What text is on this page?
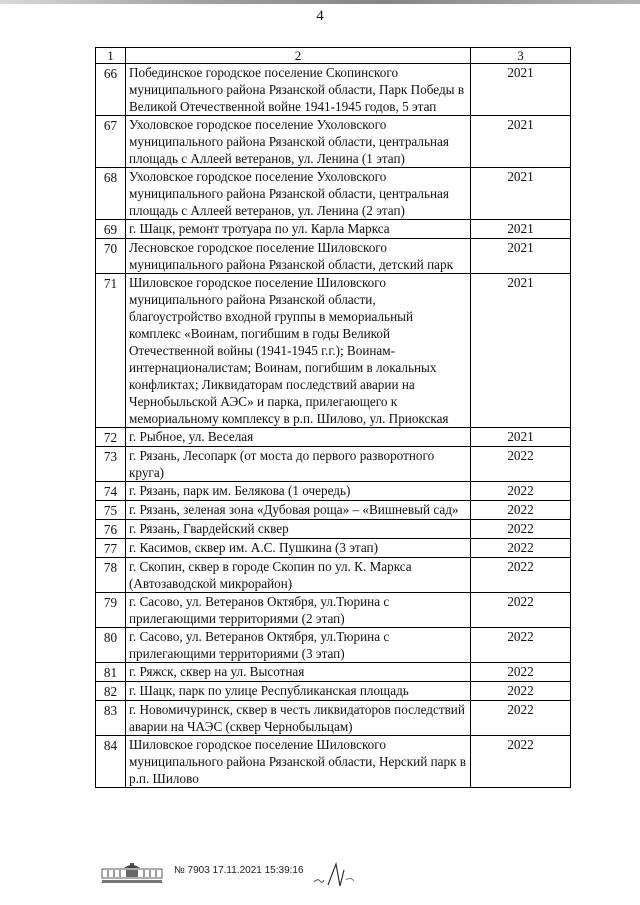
4
1	2	3
66	Побединское городское поселение Скопинского муниципального района Рязанской области, Парк Победы в Великой Отечественной войне 1941-1945 годов, 5 этап	2021
67	Ухоловское городское поселение Ухоловского муниципального района Рязанской области, центральная площадь с Аллеей ветеранов, ул. Ленина (1 этап)	2021
68	Ухоловское городское поселение Ухоловского муниципального района Рязанской области, центральная площадь с Аллеей ветеранов, ул. Ленина (2 этап)	2021
69	г. Шацк, ремонт тротуара по ул. Карла Маркса	2021
70	Лесновское городское поселение Шиловского муниципального района Рязанской области, детский парк	2021
71	Шиловское городское поселение Шиловского муниципального района Рязанской области, благоустройство входной группы в мемориальный комплекс «Воинам, погибшим в годы Великой Отечественной войны (1941-1945 г.г.); Воинам-интернационалистам; Воинам, погибшим в локальных конфликтах; Ликвидаторам последствий аварии на Чернобыльской АЭС» и парка, прилегающего к мемориальному комплексу в р.п. Шилово, ул. Приокская	2021
72	г. Рыбное, ул. Веселая	2021
73	г. Рязань, Лесопарк (от моста до первого разворотного круга)	2022
74	г. Рязань, парк им. Белякова (1 очередь)	2022
75	г. Рязань, зеленая зона «Дубовая роща» – «Вишневый сад»	2022
76	г. Рязань, Гвардейский сквер	2022
77	г. Касимов, сквер им. А.С. Пушкина (3 этап)	2022
78	г. Скопин, сквер в городе Скопин по ул. К. Маркса (Автозаводской микрорайон)	2022
79	г. Сасово, ул. Ветеранов Октября, ул.Тюрина с прилегающими территориями (2 этап)	2022
80	г. Сасово, ул. Ветеранов Октября, ул.Тюрина с прилегающими территориями (3 этап)	2022
81	г. Ряжск, сквер на ул. Высотная	2022
82	г. Шацк, парк по улице Республиканская площадь	2022
83	г. Новомичуринск, сквер в честь ликвидаторов последствий аварии на ЧАЭС (сквер Чернобыльцам)	2022
84	Шиловское городское поселение Шиловского муниципального района Рязанской области, Нерский парк в р.п. Шилово	2022
№ 7903 17.11.2021 15:39:16
